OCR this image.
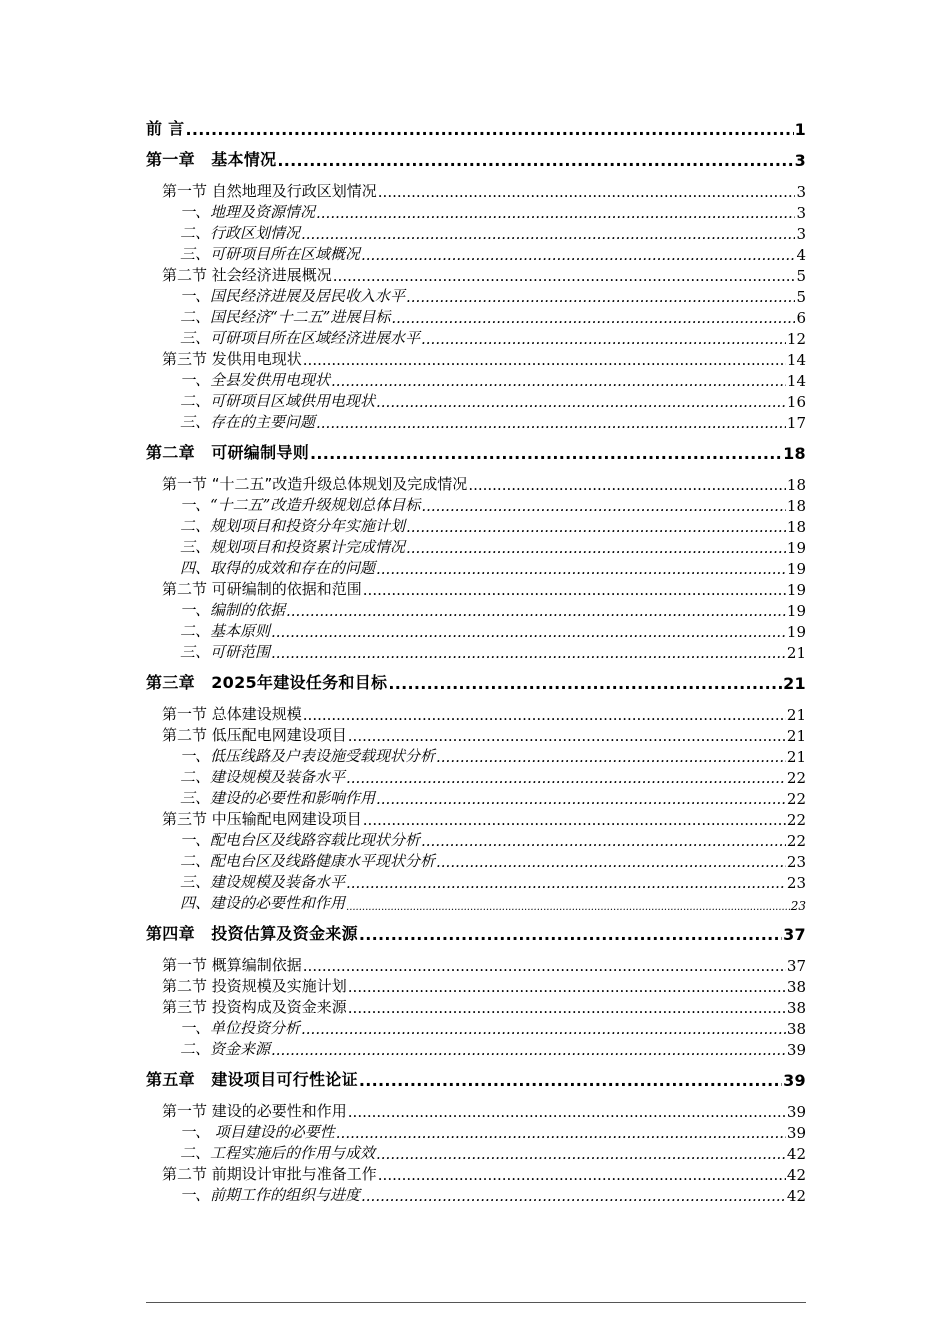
前 言 .....	1
第一章　基本情况 .....	3
第一节 自然地理及行政区划情况 .....	3
一、地理及资源情况 .....	3
二、行政区划情况 .....	3
三、可研项目所在区域概况 .....	4
第二节 社会经济进展概况 .....	5
一、国民经济进展及居民收入水平 .....	5
二、国民经济“十二五”进展目标 .....	6
三、可研项目所在区域经济进展水平 .....	12
第三节 发供用电现状 .....	14
一、全县发供用电现状 .....	14
二、可研项目区域供用电现状 .....	16
三、存在的主要问题 .....	17
第二章　可研编制导则 .....	18
第一节 “十二五”改造升级总体规划及完成情况 .....	18
一、“十二五”改造升级规划总体目标 .....	18
二、规划项目和投资分年实施计划 .....	18
三、规划项目和投资累计完成情况 .....	19
四、取得的成效和存在的问题 .....	19
第二节 可研编制的依据和范围 .....	19
一、编制的依据 .....	19
二、基本原则 .....	19
三、可研范围 .....	21
第三章　2025年建设任务和目标 .....	21
第一节 总体建设规模 .....	21
第二节 低压配电网建设项目 .....	21
一、低压线路及户表设施受载现状分析 .....	21
二、建设规模及装备水平 .....	22
三、建设的必要性和影响作用 .....	22
第三节 中压输配电网建设项目 .....	22
一、配电台区及线路容载比现状分析 .....	22
二、配电台区及线路健康水平现状分析 .....	23
三、建设规模及装备水平 .....	23
四、建设的必要性和作用 .....	23
第四章　投资估算及资金来源 .....	37
第一节 概算编制依据 .....	37
第二节 投资规模及实施计划 .....	38
第三节 投资构成及资金来源 .....	38
一、单位投资分析 .....	38
二、资金来源 .....	39
第五章　建设项目可行性论证 .....	39
第一节 建设的必要性和作用 .....	39
一、 项目建设的必要性 .....	39
二、工程实施后的作用与成效 .....	42
第二节 前期设计审批与准备工作 .....	42
一、前期工作的组织与进度 .....	42
